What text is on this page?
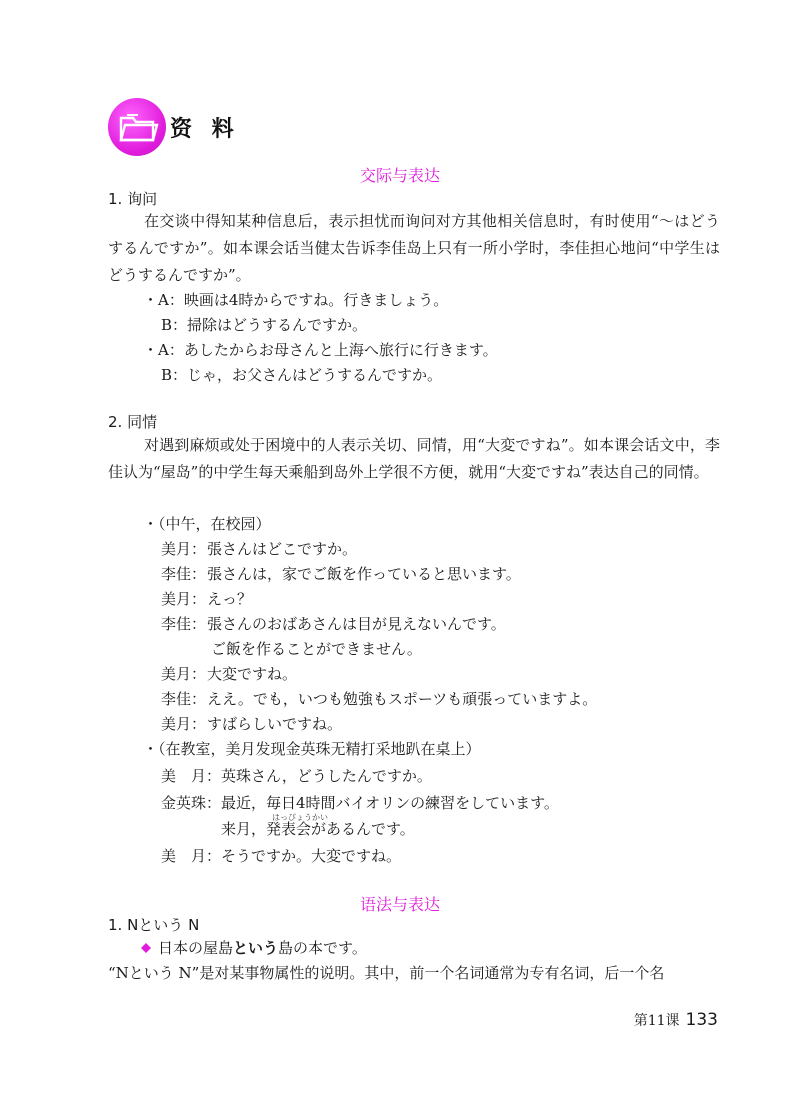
资 料
交际与表达
1. 询问
在交谈中得知某种信息后，表示担忧而询问对方其他相关信息时，有时使用“〜はどうするんですか”。如本课会话当健太告诉李佳岛上只有一所小学时，李佳担心地问“中学生はどうするんですか”。
・A：映画は4時からですね。行きましょう。
B：掃除はどうするんですか。
・A：あしたからお母さんと上海へ旅行に行きます。
B：じゃ，お父さんはどうするんですか。
2. 同情
对遇到麻烦或处于困境中的人表示关切、同情，用“大変ですね”。如本课会话文中，李佳认为“屋岛”的中学生每天乘船到岛外上学很不方便，就用“大変ですね”表达自己的同情。
・（中午，在校园）
美月： 張さんはどこですか。
李佳： 張さんは，家でご飯を作っていると思います。
美月： えっ？
李佳： 張さんのおばあさんは目が見えないんです。
ご飯を作ることができません。
美月： 大変ですね。
李佳： ええ。でも，いつも勉強もスポーツも頑張っていますよ。
美月： すばらしいですね。
・（在教室，美月发现金英珠无精打采地趴在桌上）
美　月： 英珠さん，どうしたんですか。
金英珠： 最近，毎日4時間バイオリンの練習をしています。
はっぴょうかい
来月，発表会があるんです。
美　月： そうですか。大変ですね。
语法与表达
1. Nという N
日本の屋島という島の本です。
“Nという N”是对某事物属性的说明。其中，前一个名词通常为专有名词，后一个名
第11课 133
